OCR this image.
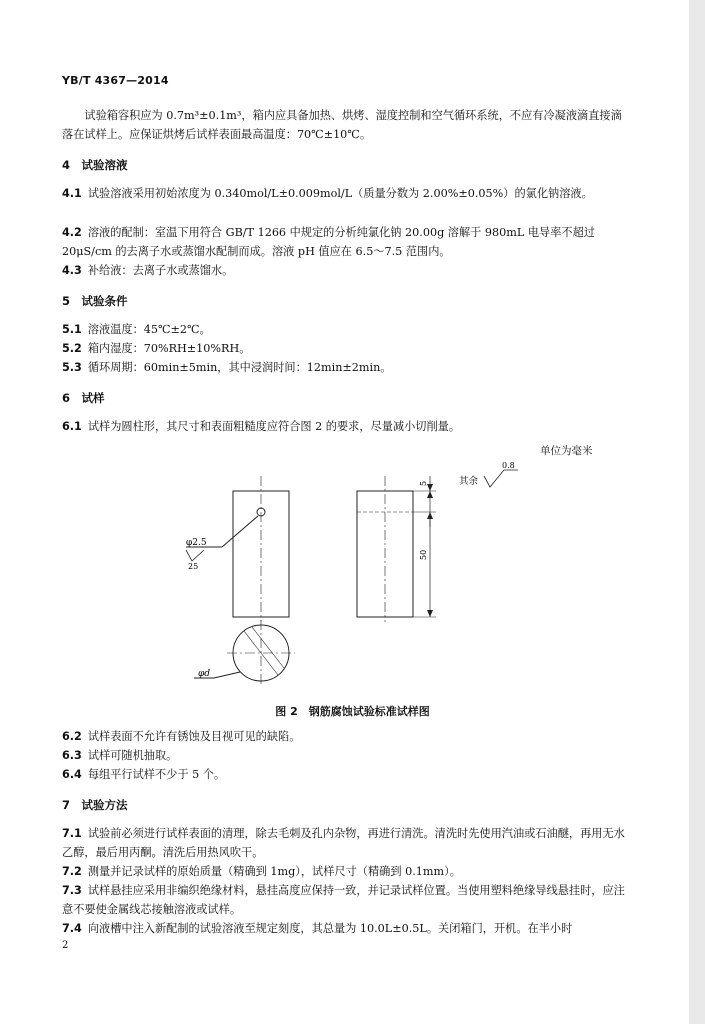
YB/T 4367—2014
试验箱容积应为 0.7m³±0.1m³，箱内应具备加热、烘烤、湿度控制和空气循环系统，不应有冷凝液滴直接滴落在试样上。应保证烘烤后试样表面最高温度：70℃±10℃。
4　试验溶液
4.1 试验溶液采用初始浓度为 0.340mol/L±0.009mol/L（质量分数为 2.00%±0.05%）的氯化钠溶液。
4.2 溶液的配制：室温下用符合 GB/T 1266 中规定的分析纯氯化钠 20.00g 溶解于 980mL 电导率不超过 20μS/cm 的去离子水或蒸馏水配制而成。溶液 pH 值应在 6.5～7.5 范围内。
4.3 补给液：去离子水或蒸馏水。
5　试验条件
5.1 溶液温度：45℃±2℃。
5.2 箱内湿度：70%RH±10%RH。
5.3 循环周期：60min±5min，其中浸润时间：12min±2min。
6　试样
6.1 试样为圆柱形，其尺寸和表面粗糙度应符合图 2 的要求，尽量减小切削量。
单位为毫米
φ2.5
25
φd
5
50
其余
0.8
图 2　钢筋腐蚀试验标准试样图
6.2 试样表面不允许有锈蚀及目视可见的缺陷。
6.3 试样可随机抽取。
6.4 每组平行试样不少于 5 个。
7　试验方法
7.1 试验前必须进行试样表面的清理，除去毛刺及孔内杂物，再进行清洗。清洗时先使用汽油或石油醚，再用无水乙醇，最后用丙酮。清洗后用热风吹干。
7.2 测量并记录试样的原始质量（精确到 1mg），试样尺寸（精确到 0.1mm）。
7.3 试样悬挂应采用非编织绝缘材料，悬挂高度应保持一致，并记录试样位置。当使用塑料绝缘导线悬挂时，应注意不要使金属线芯接触溶液或试样。
7.4 向液槽中注入新配制的试验溶液至规定刻度，其总量为 10.0L±0.5L。关闭箱门，开机。在半小时
2
